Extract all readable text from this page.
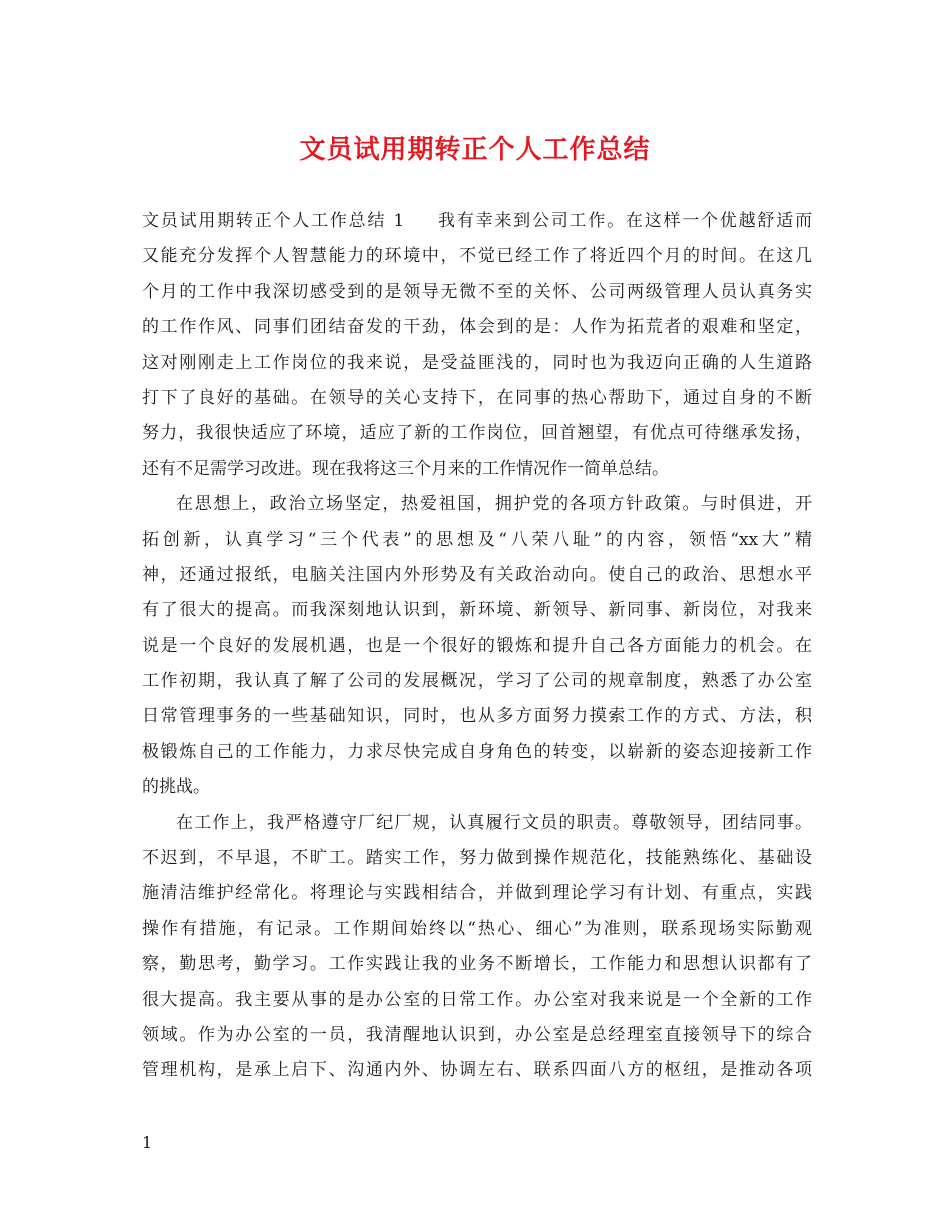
文员试用期转正个人工作总结
文员试用期转正个人工作总结 1 我有幸来到公司工作。在这样一个优越舒适而
又能充分发挥个人智慧能力的环境中，不觉已经工作了将近四个月的时间。在这几
个月的工作中我深切感受到的是领导无微不至的关怀、公司两级管理人员认真务实
的工作作风、同事们团结奋发的干劲，体会到的是：人作为拓荒者的艰难和坚定，
这对刚刚走上工作岗位的我来说，是受益匪浅的，同时也为我迈向正确的人生道路
打下了良好的基础。在领导的关心支持下，在同事的热心帮助下，通过自身的不断
努力，我很快适应了环境，适应了新的工作岗位，回首翘望，有优点可待继承发扬，
还有不足需学习改进。现在我将这三个月来的工作情况作一简单总结。
在思想上，政治立场坚定，热爱祖国，拥护党的各项方针政策。与时俱进，开
拓创新，认真学习“三个代表”的思想及“八荣八耻”的内容，领悟“xx大”精
神，还通过报纸，电脑关注国内外形势及有关政治动向。使自己的政治、思想水平
有了很大的提高。而我深刻地认识到，新环境、新领导、新同事、新岗位，对我来
说是一个良好的发展机遇，也是一个很好的锻炼和提升自己各方面能力的机会。在
工作初期，我认真了解了公司的发展概况，学习了公司的规章制度，熟悉了办公室
日常管理事务的一些基础知识，同时，也从多方面努力摸索工作的方式、方法，积
极锻炼自己的工作能力，力求尽快完成自身角色的转变，以崭新的姿态迎接新工作
的挑战。
在工作上，我严格遵守厂纪厂规，认真履行文员的职责。尊敬领导，团结同事。
不迟到，不早退，不旷工。踏实工作，努力做到操作规范化，技能熟练化、基础设
施清洁维护经常化。将理论与实践相结合，并做到理论学习有计划、有重点，实践
操作有措施，有记录。工作期间始终以“热心、细心”为准则，联系现场实际勤观
察，勤思考，勤学习。工作实践让我的业务不断增长，工作能力和思想认识都有了
很大提高。我主要从事的是办公室的日常工作。办公室对我来说是一个全新的工作
领域。作为办公室的一员，我清醒地认识到，办公室是总经理室直接领导下的综合
管理机构，是承上启下、沟通内外、协调左右、联系四面八方的枢纽，是推动各项
1
